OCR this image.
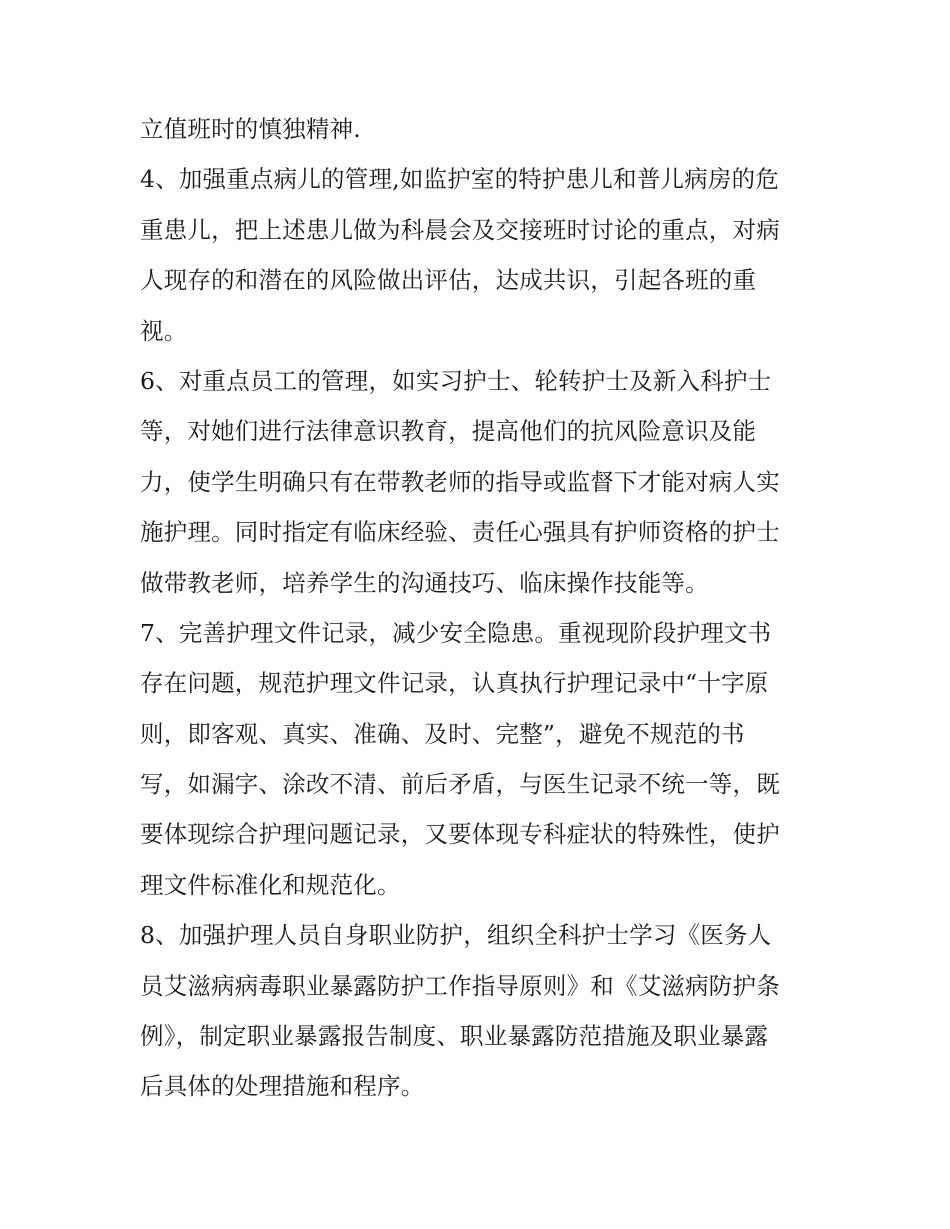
立值班时的慎独精神.
4、加强重点病儿的管理,如监护室的特护患儿和普儿病房的危
重患儿，把上述患儿做为科晨会及交接班时讨论的重点，对病
人现存的和潜在的风险做出评估，达成共识，引起各班的重
视。
6、对重点员工的管理，如实习护士、轮转护士及新入科护士
等，对她们进行法律意识教育，提高他们的抗风险意识及能
力，使学生明确只有在带教老师的指导或监督下才能对病人实
施护理。同时指定有临床经验、责任心强具有护师资格的护士
做带教老师，培养学生的沟通技巧、临床操作技能等。
7、完善护理文件记录，减少安全隐患。重视现阶段护理文书
存在问题，规范护理文件记录，认真执行护理记录中“十字原
则，即客观、真实、准确、及时、完整”，避免不规范的书
写，如漏字、涂改不清、前后矛盾，与医生记录不统一等，既
要体现综合护理问题记录，又要体现专科症状的特殊性，使护
理文件标准化和规范化。
8、加强护理人员自身职业防护，组织全科护士学习《医务人
员艾滋病病毒职业暴露防护工作指导原则》和《艾滋病防护条
例》，制定职业暴露报告制度、职业暴露防范措施及职业暴露
后具体的处理措施和程序。
